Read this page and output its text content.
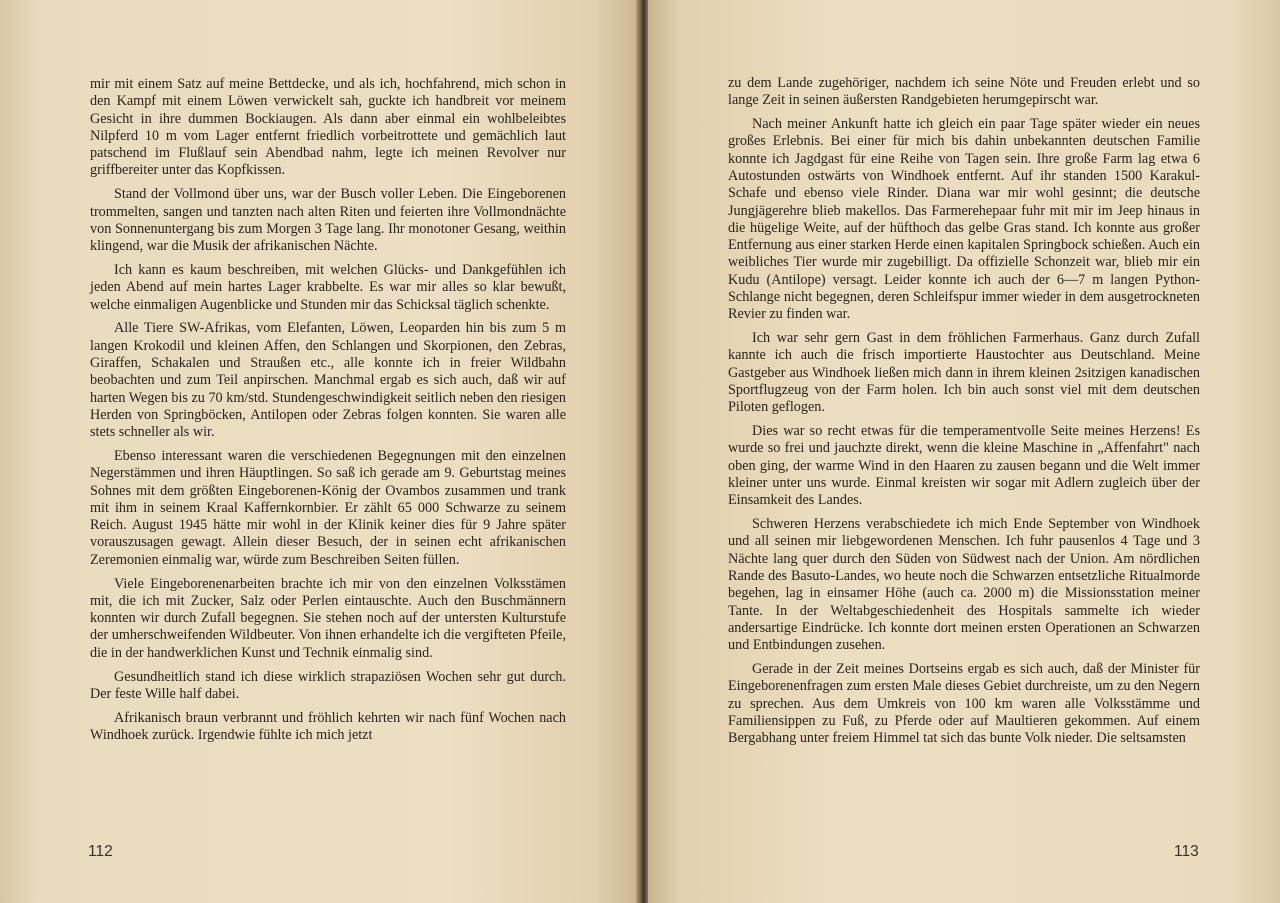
mir mit einem Satz auf meine Bettdecke, und als ich, hochfahrend, mich schon in den Kampf mit einem Löwen verwickelt sah, guckte ich handbreit vor meinem Gesicht in ihre dummen Bockiaugen. Als dann aber einmal ein wohlbeleibtes Nilpferd 10 m vom Lager entfernt friedlich vorbeitrottete und gemächlich laut patschend im Flußlauf sein Abendbad nahm, legte ich meinen Revolver nur griffbereiter unter das Kopfkissen.

Stand der Vollmond über uns, war der Busch voller Leben. Die Eingeborenen trommelten, sangen und tanzten nach alten Riten und feierten ihre Vollmondnächte von Sonnenuntergang bis zum Morgen 3 Tage lang. Ihr monotoner Gesang, weithin klingend, war die Musik der afrikanischen Nächte.

Ich kann es kaum beschreiben, mit welchen Glücks- und Dankgefühlen ich jeden Abend auf mein hartes Lager krabbelte. Es war mir alles so klar bewußt, welche einmaligen Augenblicke und Stunden mir das Schicksal täglich schenkte.

Alle Tiere SW-Afrikas, vom Elefanten, Löwen, Leoparden hin bis zum 5 m langen Krokodil und kleinen Affen, den Schlangen und Skorpionen, den Zebras, Giraffen, Schakalen und Straußen etc., alle konnte ich in freier Wildbahn beobachten und zum Teil anpirschen. Manchmal ergab es sich auch, daß wir auf harten Wegen bis zu 70 km/std. Stundengeschwindigkeit seitlich neben den riesigen Herden von Springböcken, Antilopen oder Zebras folgen konnten. Sie waren alle stets schneller als wir.

Ebenso interessant waren die verschiedenen Begegnungen mit den einzelnen Negerstämmen und ihren Häuptlingen. So saß ich gerade am 9. Geburtstag meines Sohnes mit dem größten Eingeborenen-König der Ovambos zusammen und trank mit ihm in seinem Kraal Kaffernkornbier. Er zählt 65 000 Schwarze zu seinem Reich. August 1945 hätte mir wohl in der Klinik keiner dies für 9 Jahre später vorauszusagen gewagt. Allein dieser Besuch, der in seinen echt afrikanischen Zeremonien einmalig war, würde zum Beschreiben Seiten füllen.

Viele Eingeborenenarbeiten brachte ich mir von den einzelnen Volksstämen mit, die ich mit Zucker, Salz oder Perlen eintauschte. Auch den Buschmännern konnten wir durch Zufall begegnen. Sie stehen noch auf der untersten Kulturstufe der umherschweifenden Wildbeuter. Von ihnen erhandelte ich die vergifteten Pfeile, die in der handwerklichen Kunst und Technik einmalig sind.

Gesundheitlich stand ich diese wirklich strapaziösen Wochen sehr gut durch. Der feste Wille half dabei.

Afrikanisch braun verbrannt und fröhlich kehrten wir nach fünf Wochen nach Windhoek zurück. Irgendwie fühlte ich mich jetzt

112

zu dem Lande zugehöriger, nachdem ich seine Nöte und Freuden erlebt und so lange Zeit in seinen äußersten Randgebieten herumgepirscht war.

Nach meiner Ankunft hatte ich gleich ein paar Tage später wieder ein neues großes Erlebnis. Bei einer für mich bis dahin unbekannten deutschen Familie konnte ich Jagdgast für eine Reihe von Tagen sein. Ihre große Farm lag etwa 6 Autostunden ostwärts von Windhoek entfernt. Auf ihr standen 1500 Karakul-Schafe und ebenso viele Rinder. Diana war mir wohl gesinnt; die deutsche Jungjägerehre blieb makellos. Das Farmerehepaar fuhr mit mir im Jeep hinaus in die hügelige Weite, auf der hüfthoch das gelbe Gras stand. Ich konnte aus großer Entfernung aus einer starken Herde einen kapitalen Springbock schießen. Auch ein weibliches Tier wurde mir zugebilligt. Da offizielle Schonzeit war, blieb mir ein Kudu (Antilope) versagt. Leider konnte ich auch der 6—7 m langen Python-Schlange nicht begegnen, deren Schleifspur immer wieder in dem ausgetrockneten Revier zu finden war.

Ich war sehr gern Gast in dem fröhlichen Farmerhaus. Ganz durch Zufall kannte ich auch die frisch importierte Haustochter aus Deutschland. Meine Gastgeber aus Windhoek ließen mich dann in ihrem kleinen 2sitzigen kanadischen Sportflugzeug von der Farm holen. Ich bin auch sonst viel mit dem deutschen Piloten geflogen.

Dies war so recht etwas für die temperamentvolle Seite meines Herzens! Es wurde so frei und jauchzte direkt, wenn die kleine Maschine in „Affenfahrt" nach oben ging, der warme Wind in den Haaren zu zausen begann und die Welt immer kleiner unter uns wurde. Einmal kreisten wir sogar mit Adlern zugleich über der Einsamkeit des Landes.

Schweren Herzens verabschiedete ich mich Ende September von Windhoek und all seinen mir liebgewordenen Menschen. Ich fuhr pausenlos 4 Tage und 3 Nächte lang quer durch den Süden von Südwest nach der Union. Am nördlichen Rande des Basuto-Landes, wo heute noch die Schwarzen entsetzliche Ritualmorde begehen, lag in einsamer Höhe (auch ca. 2000 m) die Missionsstation meiner Tante. In der Weltabgeschiedenheit des Hospitals sammelte ich wieder andersartige Eindrücke. Ich konnte dort meinen ersten Operationen an Schwarzen und Entbindungen zusehen.

Gerade in der Zeit meines Dortseins ergab es sich auch, daß der Minister für Eingeborenenfragen zum ersten Male dieses Gebiet durchreiste, um zu den Negern zu sprechen. Aus dem Umkreis von 100 km waren alle Volksstämme und Familiensippen zu Fuß, zu Pferde oder auf Maultieren gekommen. Auf einem Bergabhang unter freiem Himmel tat sich das bunte Volk nieder. Die seltsamsten

113
